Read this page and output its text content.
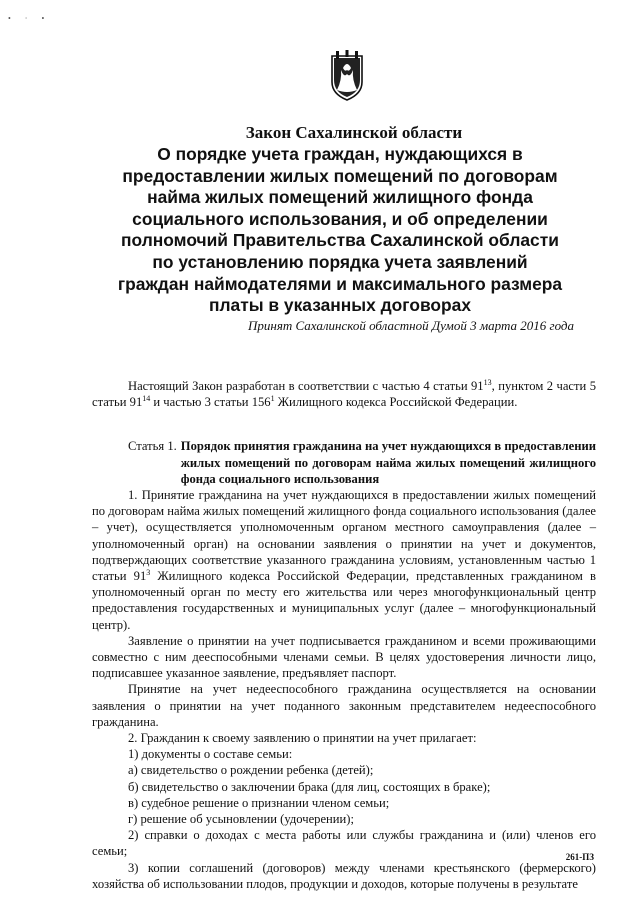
• · •
Закон Сахалинской области
О порядке учета граждан, нуждающихся в
предоставлении жилых помещений по договорам
найма жилых помещений жилищного фонда
социального использования, и об определении
полномочий Правительства Сахалинской области
по установлению порядка учета заявлений
граждан наймодателями и максимального размера
платы в указанных договорах
Принят Сахалинской областной Думой 3 марта 2016 года

Настоящий Закон разработан в соответствии с частью 4 статьи $91^{13}$, пунктом 2 части 5 статьи $91^{14}$ и частью 3 статьи $156^1$ Жилищного кодекса Российской Федерации.

Статья 1. Порядок принятия гражданина на учет нуждающихся в предоставлении жилых помещений по договорам найма жилых помещений жилищного фонда социального использования

1. Принятие гражданина на учет нуждающихся в предоставлении жилых помещений по договорам найма жилых помещений жилищного фонда социального использования (далее – учет), осуществляется уполномоченным органом местного самоуправления (далее – уполномоченный орган) на основании заявления о принятии на учет и документов, подтверждающих соответствие указанного гражданина условиям, установленным частью 1 статьи $91^3$ Жилищного кодекса Российской Федерации, представленных гражданином в уполномоченный орган по месту его жительства или через многофункциональный центр предоставления государственных и муниципальных услуг (далее – многофункциональный центр).

Заявление о принятии на учет подписывается гражданином и всеми проживающими совместно с ним дееспособными членами семьи. В целях удостоверения личности лицо, подписавшее указанное заявление, предъявляет паспорт.

Принятие на учет недееспособного гражданина осуществляется на основании заявления о принятии на учет поданного законным представителем недееспособного гражданина.

2. Гражданин к своему заявлению о принятии на учет прилагает:

1) документы о составе семьи:

а) свидетельство о рождении ребенка (детей);

б) свидетельство о заключении брака (для лиц, состоящих в браке);

в) судебное решение о признании членом семьи;

г) решение об усыновлении (удочерении);

2) справки о доходах с места работы или службы гражданина и (или) членов его семьи;

3) копии соглашений (договоров) между членами крестьянского (фермерского) хозяйства об использовании плодов, продукции и доходов, которые получены в результате

261-ПЗ
